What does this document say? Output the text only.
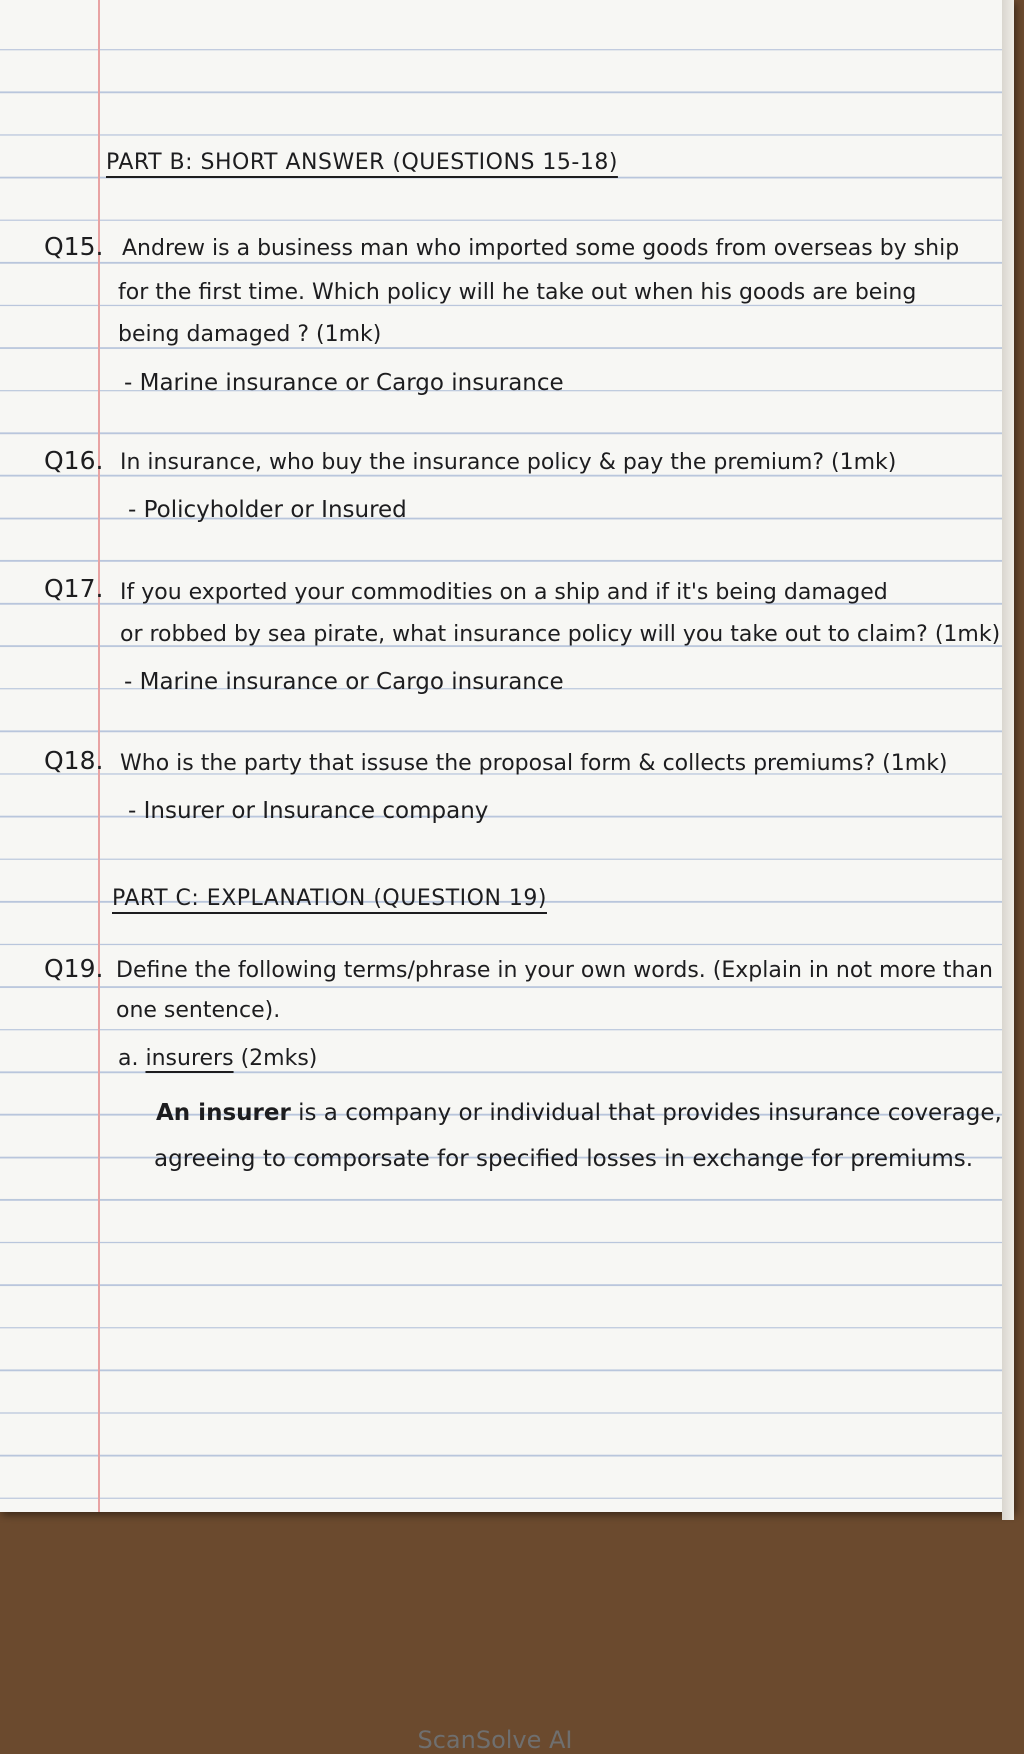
PART B: SHORT ANSWER (QUESTIONS 15-18)
Q15. Andrew is a business man who imported some goods from overseas by ship
for the first time. Which policy will he take out when his goods are being
being damaged ? (1mk)
- Marine insurance or Cargo insurance
Q16. In insurance, who buy the insurance policy & pay the premium? (1mk)
- Policyholder or Insured
Q17. If you exported your commodities on a ship and if it's being damaged
or robbed by sea pirate, what insurance policy will you take out to claim? (1mk)
- Marine insurance or Cargo insurance
Q18. Who is the party that issuse the proposal form & collects premiums? (1mk)
- Insurer or Insurance company
PART C: EXPLANATION (QUESTION 19)
Q19. Define the following terms/phrase in your own words. (Explain in not more than
one sentence).
a. insurers (2mks)
An insurer is a company or individual that provides insurance coverage,
agreeing to comporsate for specified losses in exchange for premiums.
ScanSolve AI
